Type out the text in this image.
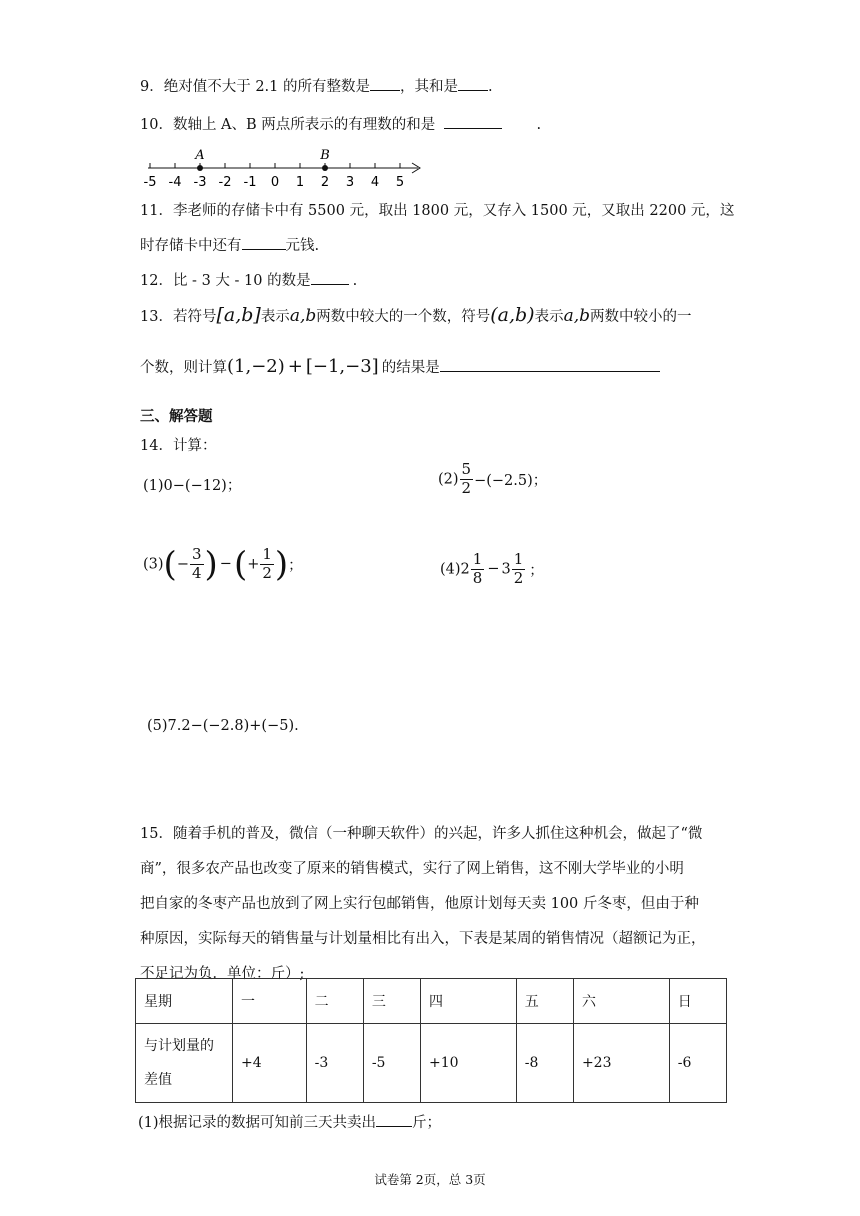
9．绝对值不大于 2.1 的所有整数是 ，其和是 .
10．数轴上 A、B 两点所表示的有理数的和是	.
-5 -4 -3 -2 -1 0 1 2 3 4 5
A	B
11．李老师的存储卡中有 5500 元，取出 1800 元，又存入 1500 元，又取出 2200 元，这
时存储卡中还有	元钱.
12．比 - 3 大 - 10 的数是	.
13．若符号[a,b]表示a,b两数中较大的一个数，符号(a,b)表示a,b两数中较小的一
个数，则计算(1,−2) + [−1,−3] 的结果是
三、解答题
14．计算：
(1)0−(−12)；	$(2) \frac{5}{2} -(-2.5)$；
$(3)(- \frac{3}{4}$ ) −(+ $\frac{1}{2}$ )；	$(4)2 \frac{1}{8} - 3 \frac{1}{2}$ ；
(5)7.2−(−2.8)+(−5).
15．随着手机的普及，微信（一种聊天软件）的兴起，许多人抓住这种机会，做起了“微
商”，很多农产品也改变了原来的销售模式，实行了网上销售，这不刚大学毕业的小明
把自家的冬枣产品也放到了网上实行包邮销售，他原计划每天卖 100 斤冬枣，但由于种
种原因，实际每天的销售量与计划量相比有出入，下表是某周的销售情况（超额记为正，
不足记为负．单位：斤）;
星期	一	二	三	四	五	六	日

与计划量的
差值	+4	-3	-5	+10	-8	+23	-6
(1)根据记录的数据可知前三天共卖出 斤；
试卷第 2页，总 3页
